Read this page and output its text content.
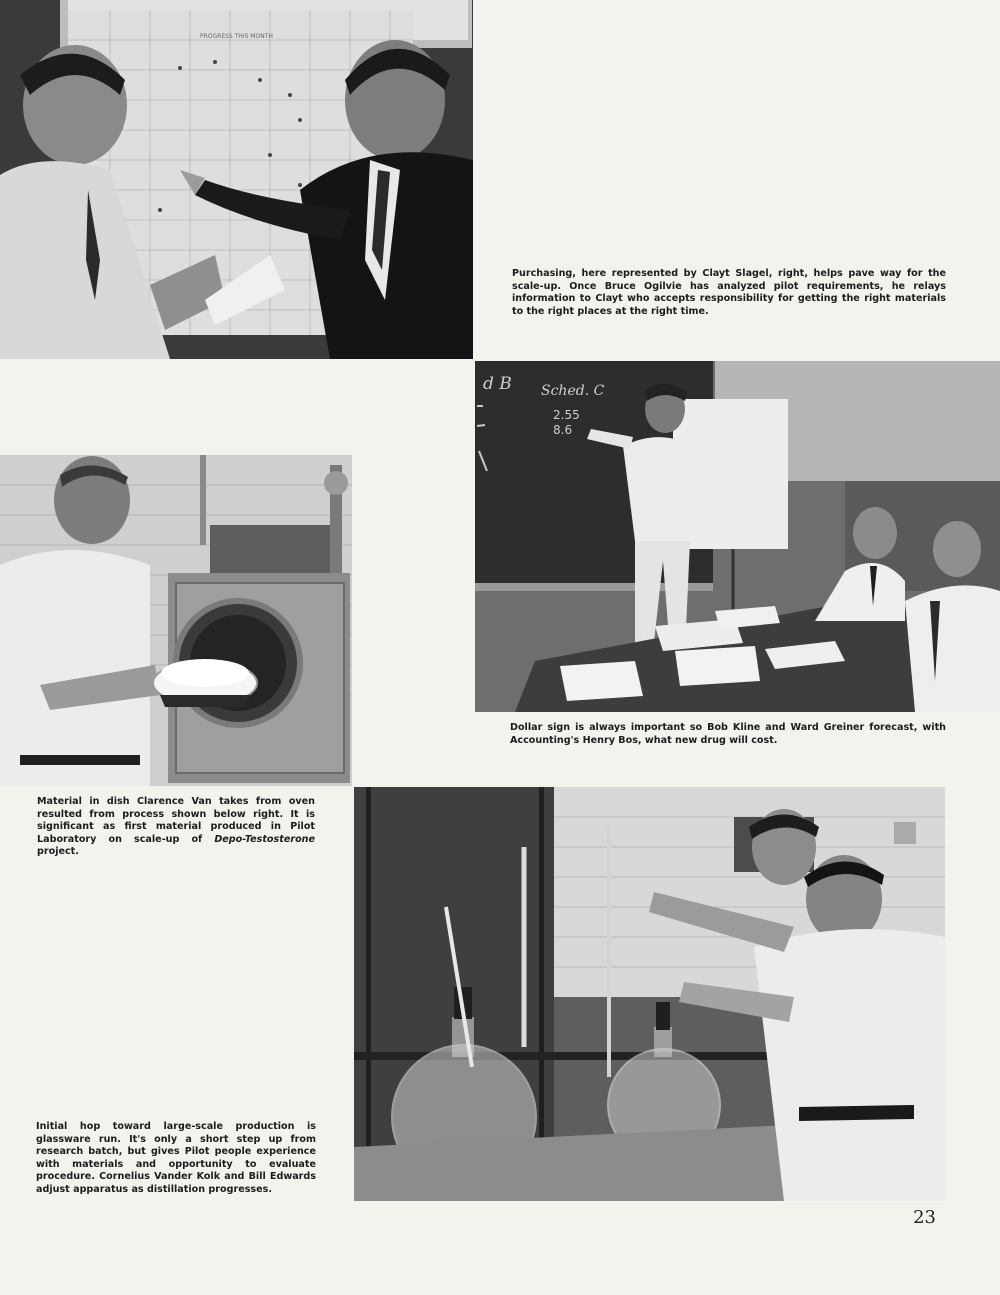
PROGRESS THIS MONTH

Purchasing, here represented by Clayt Slagel, right, helps pave way for the scale-up. Once Bruce Ogilvie has analyzed pilot requirements, he relays information to Clayt who accepts responsibility for getting the right materials to the right places at the right time.

d B Sched. C
2.55
8.6

Dollar sign is always important so Bob Kline and Ward Greiner forecast, with Accounting's Henry Bos, what new drug will cost.

Material in dish Clarence Van takes from oven resulted from process shown below right. It is significant as first material produced in Pilot Laboratory on scale-up of Depo-Testosterone project.

Initial hop toward large-scale production is glassware run. It's only a short step up from research batch, but gives Pilot people experience with materials and opportunity to evaluate procedure. Cornelius Vander Kolk and Bill Edwards adjust apparatus as distillation progresses.

23
